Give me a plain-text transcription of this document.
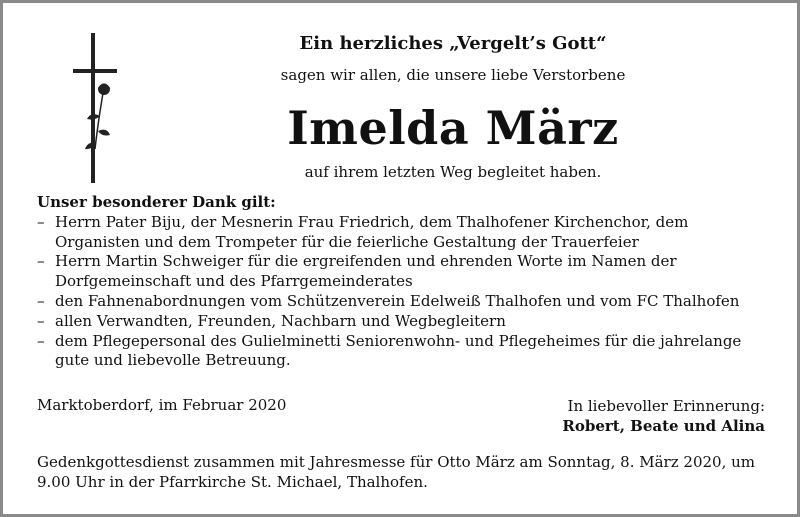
Ein herzliches „Vergelt’s Gott“
sagen wir allen, die unsere liebe Verstorbene
Imelda März
auf ihrem letzten Weg begleitet haben.
Unser besonderer Dank gilt:
– Herrn Pater Biju, der Mesnerin Frau Friedrich, dem Thalhofener Kirchenchor, dem Organisten und dem Trompeter für die feierliche Gestaltung der Trauerfeier
– Herrn Martin Schweiger für die ergreifenden und ehrenden Worte im Namen der Dorfgemeinschaft und des Pfarrgemeinderates
– den Fahnenabordnungen vom Schützenverein Edelweiß Thalhofen und vom FC Thalhofen
– allen Verwandten, Freunden, Nachbarn und Wegbegleitern
– dem Pflegepersonal des Gulielminetti Seniorenwohn- und Pflegeheimes für die jahrelange gute und liebevolle Betreuung.
Marktoberdorf, im Februar 2020	In liebevoller Erinnerung:
Robert, Beate und Alina
Gedenkgottesdienst zusammen mit Jahresmesse für Otto März am Sonntag, 8. März 2020, um 9.00 Uhr in der Pfarrkirche St. Michael, Thalhofen.
